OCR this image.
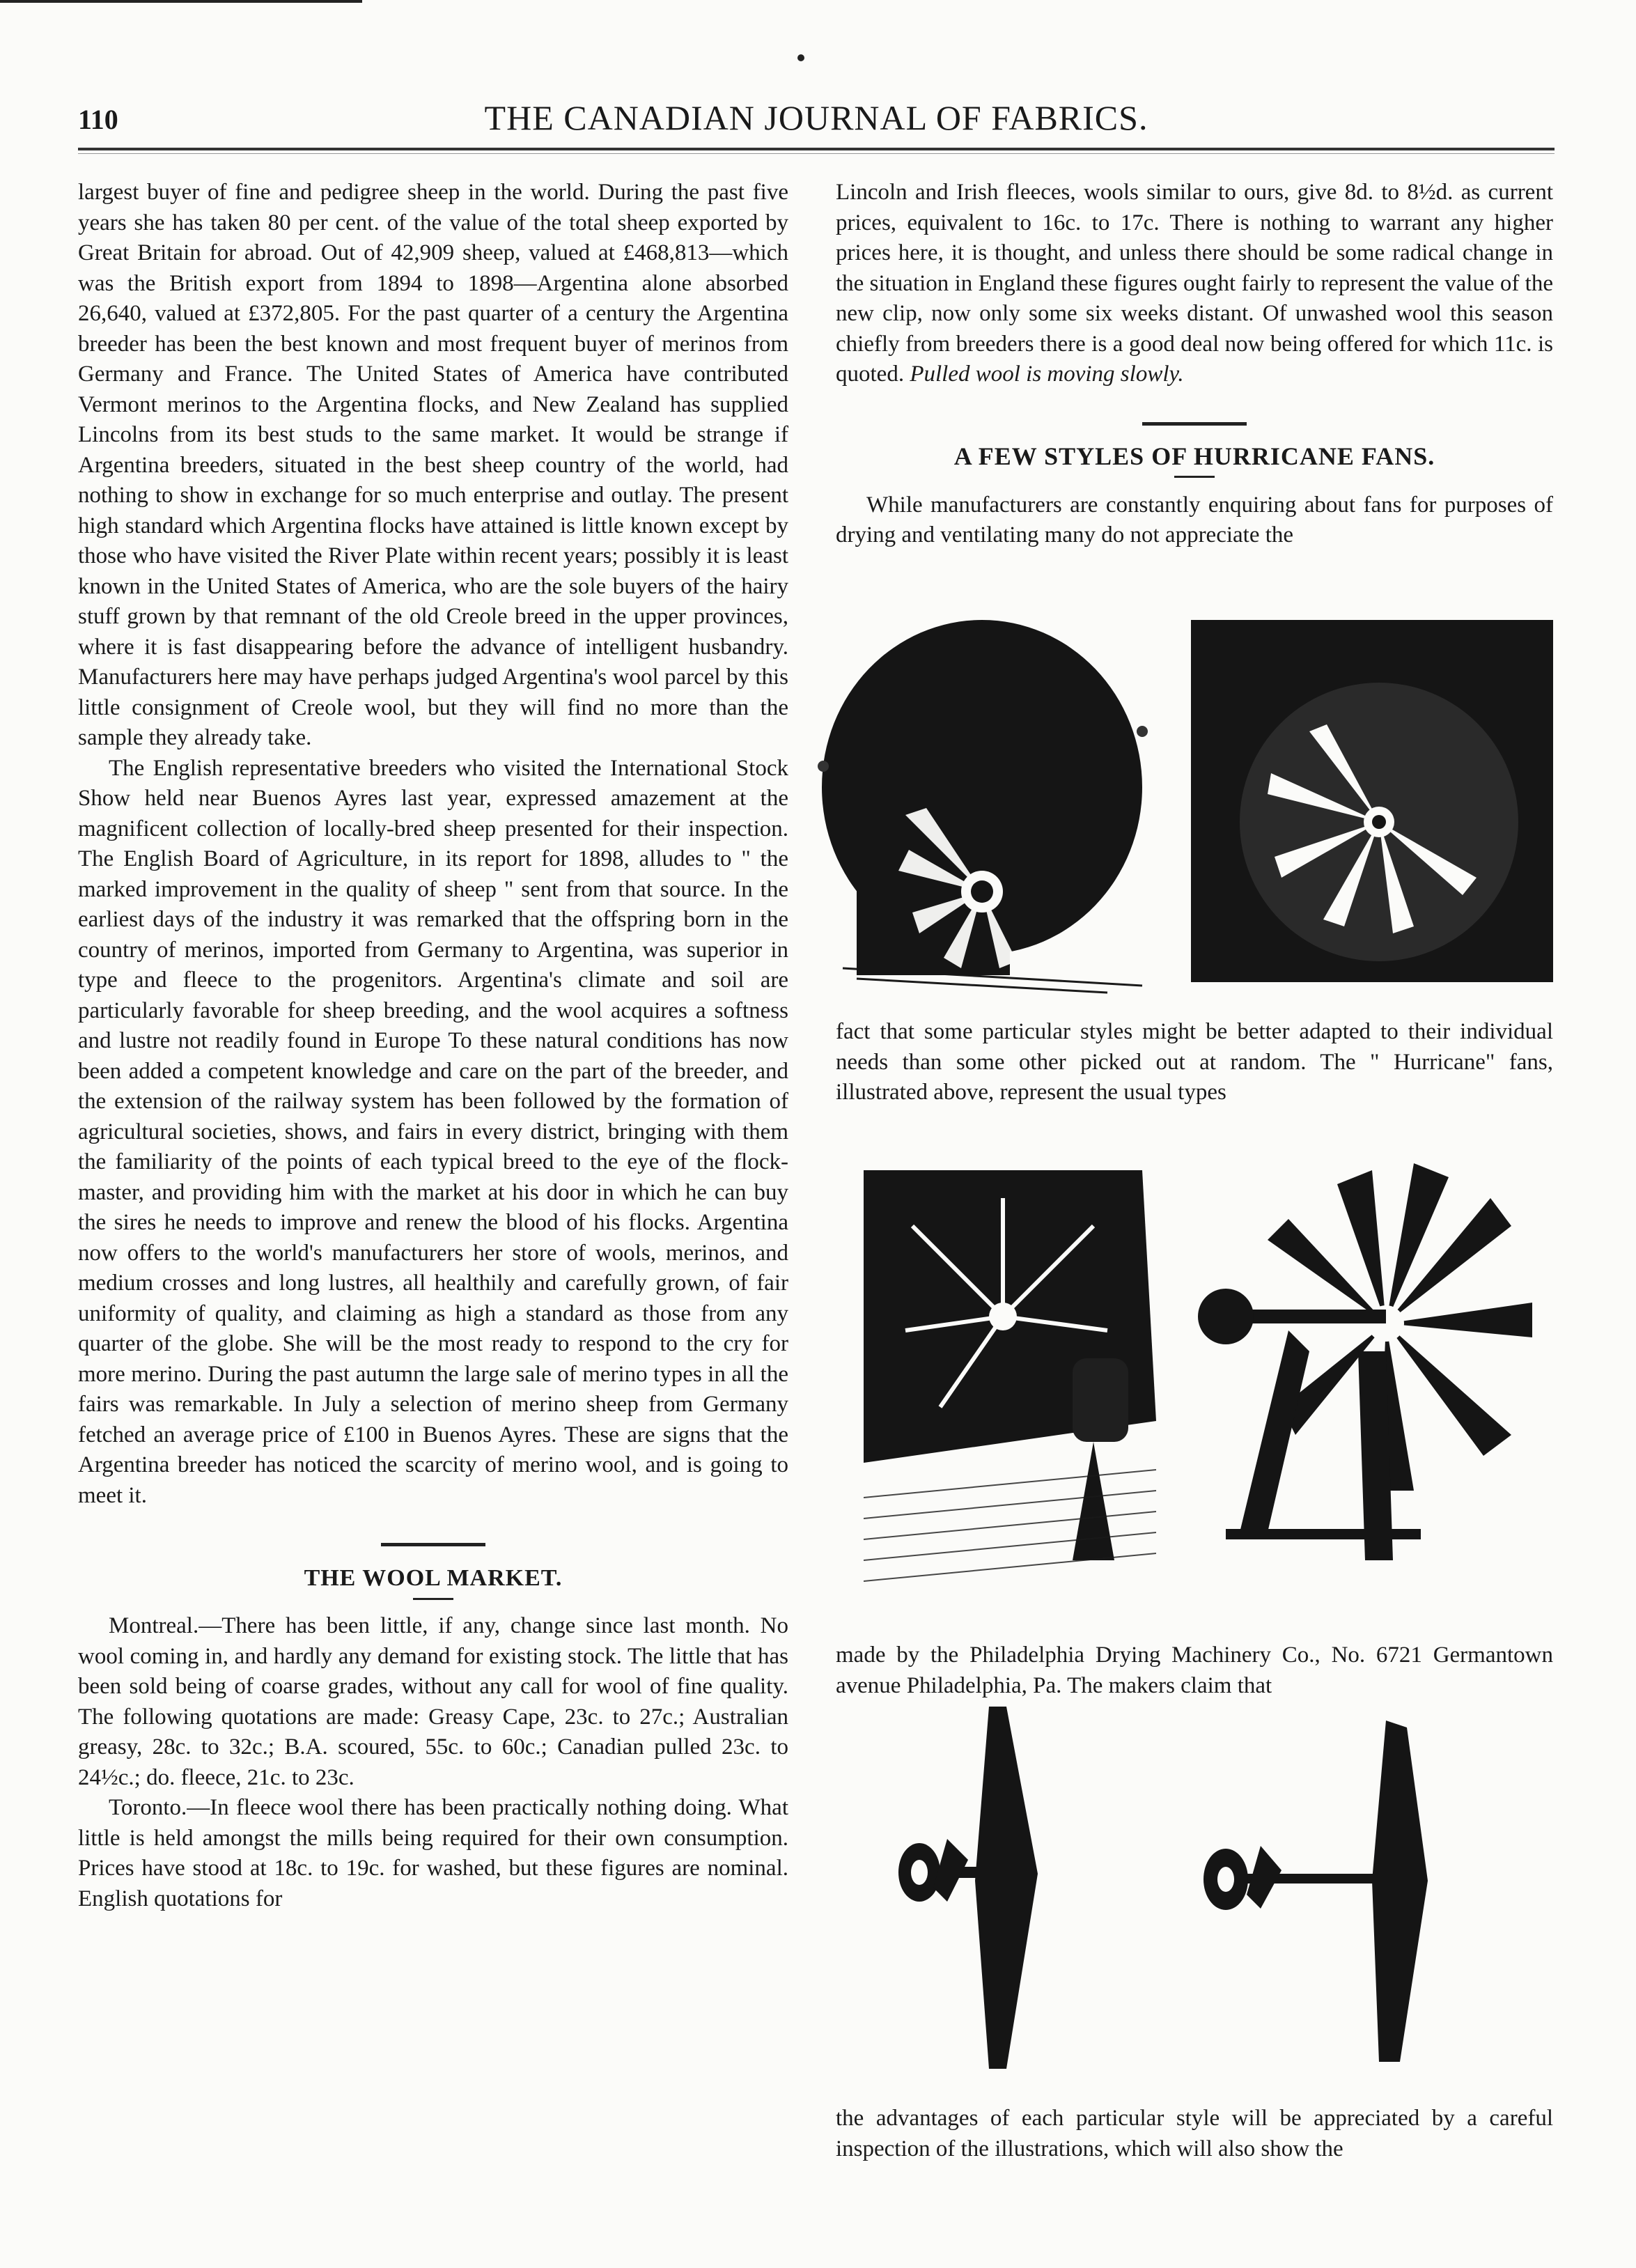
110	THE CANADIAN JOURNAL OF FABRICS.

largest buyer of fine and pedigree sheep in the world. During the past five years she has taken 80 per cent. of the value of the total sheep exported by Great Britain for abroad. Out of 42,909 sheep, valued at £468,813—which was the British export from 1894 to 1898—Argentina alone absorbed 26,640, valued at £372,805. For the past quarter of a century the Argentina breeder has been the best known and most frequent buyer of merinos from Germany and France. The United States of America have contributed Vermont merinos to the Argentina flocks, and New Zealand has supplied Lincolns from its best studs to the same market. It would be strange if Argentina breeders, situated in the best sheep country of the world, had nothing to show in exchange for so much enterprise and outlay. The present high standard which Argentina flocks have attained is little known except by those who have visited the River Plate within recent years; possibly it is least known in the United States of America, who are the sole buyers of the hairy stuff grown by that remnant of the old Creole breed in the upper provinces, where it is fast disappearing before the advance of intelligent husbandry. Manufacturers here may have perhaps judged Argentina's wool parcel by this little consignment of Creole wool, but they will find no more than the sample they already take.

The English representative breeders who visited the International Stock Show held near Buenos Ayres last year, expressed amazement at the magnificent collection of locally-bred sheep presented for their inspection. The English Board of Agriculture, in its report for 1898, alludes to " the marked improvement in the quality of sheep " sent from that source. In the earliest days of the industry it was remarked that the offspring born in the country of merinos, imported from Germany to Argentina, was superior in type and fleece to the progenitors. Argentina's climate and soil are particularly favorable for sheep breeding, and the wool acquires a softness and lustre not readily found in Europe To these natural conditions has now been added a competent knowledge and care on the part of the breeder, and the extension of the railway system has been followed by the formation of agricultural societies, shows, and fairs in every district, bringing with them the familiarity of the points of each typical breed to the eye of the flock-master, and providing him with the market at his door in which he can buy the sires he needs to improve and renew the blood of his flocks. Argentina now offers to the world's manufacturers her store of wools, merinos, and medium crosses and long lustres, all healthily and carefully grown, of fair uniformity of quality, and claiming as high a standard as those from any quarter of the globe. She will be the most ready to respond to the cry for more merino. During the past autumn the large sale of merino types in all the fairs was remarkable. In July a selection of merino sheep from Germany fetched an average price of £100 in Buenos Ayres. These are signs that the Argentina breeder has noticed the scarcity of merino wool, and is going to meet it.

THE WOOL MARKET.

Montreal.—There has been little, if any, change since last month. No wool coming in, and hardly any demand for existing stock. The little that has been sold being of coarse grades, without any call for wool of fine quality. The following quotations are made: Greasy Cape, 23c. to 27c.; Australian greasy, 28c. to 32c.; B.A. scoured, 55c. to 60c.; Canadian pulled 23c. to 24½c.; do. fleece, 21c. to 23c.

Toronto.—In fleece wool there has been practically nothing doing. What little is held amongst the mills being required for their own consumption. Prices have stood at 18c. to 19c. for washed, but these figures are nominal. English quotations for

Lincoln and Irish fleeces, wools similar to ours, give 8d. to 8½d. as current prices, equivalent to 16c. to 17c. There is nothing to warrant any higher prices here, it is thought, and unless there should be some radical change in the situation in England these figures ought fairly to represent the value of the new clip, now only some six weeks distant. Of unwashed wool this season chiefly from breeders there is a good deal now being offered for which 11c. is quoted. Pulled wool is moving slowly.

A FEW STYLES OF HURRICANE FANS.

While manufacturers are constantly enquiring about fans for purposes of drying and ventilating many do not appreciate the

fact that some particular styles might be better adapted to their individual needs than some other picked out at random. The " Hurricane" fans, illustrated above, represent the usual types

made by the Philadelphia Drying Machinery Co., No. 6721 Germantown avenue Philadelphia, Pa. The makers claim that

the advantages of each particular style will be appreciated by a careful inspection of the illustrations, which will also show the
